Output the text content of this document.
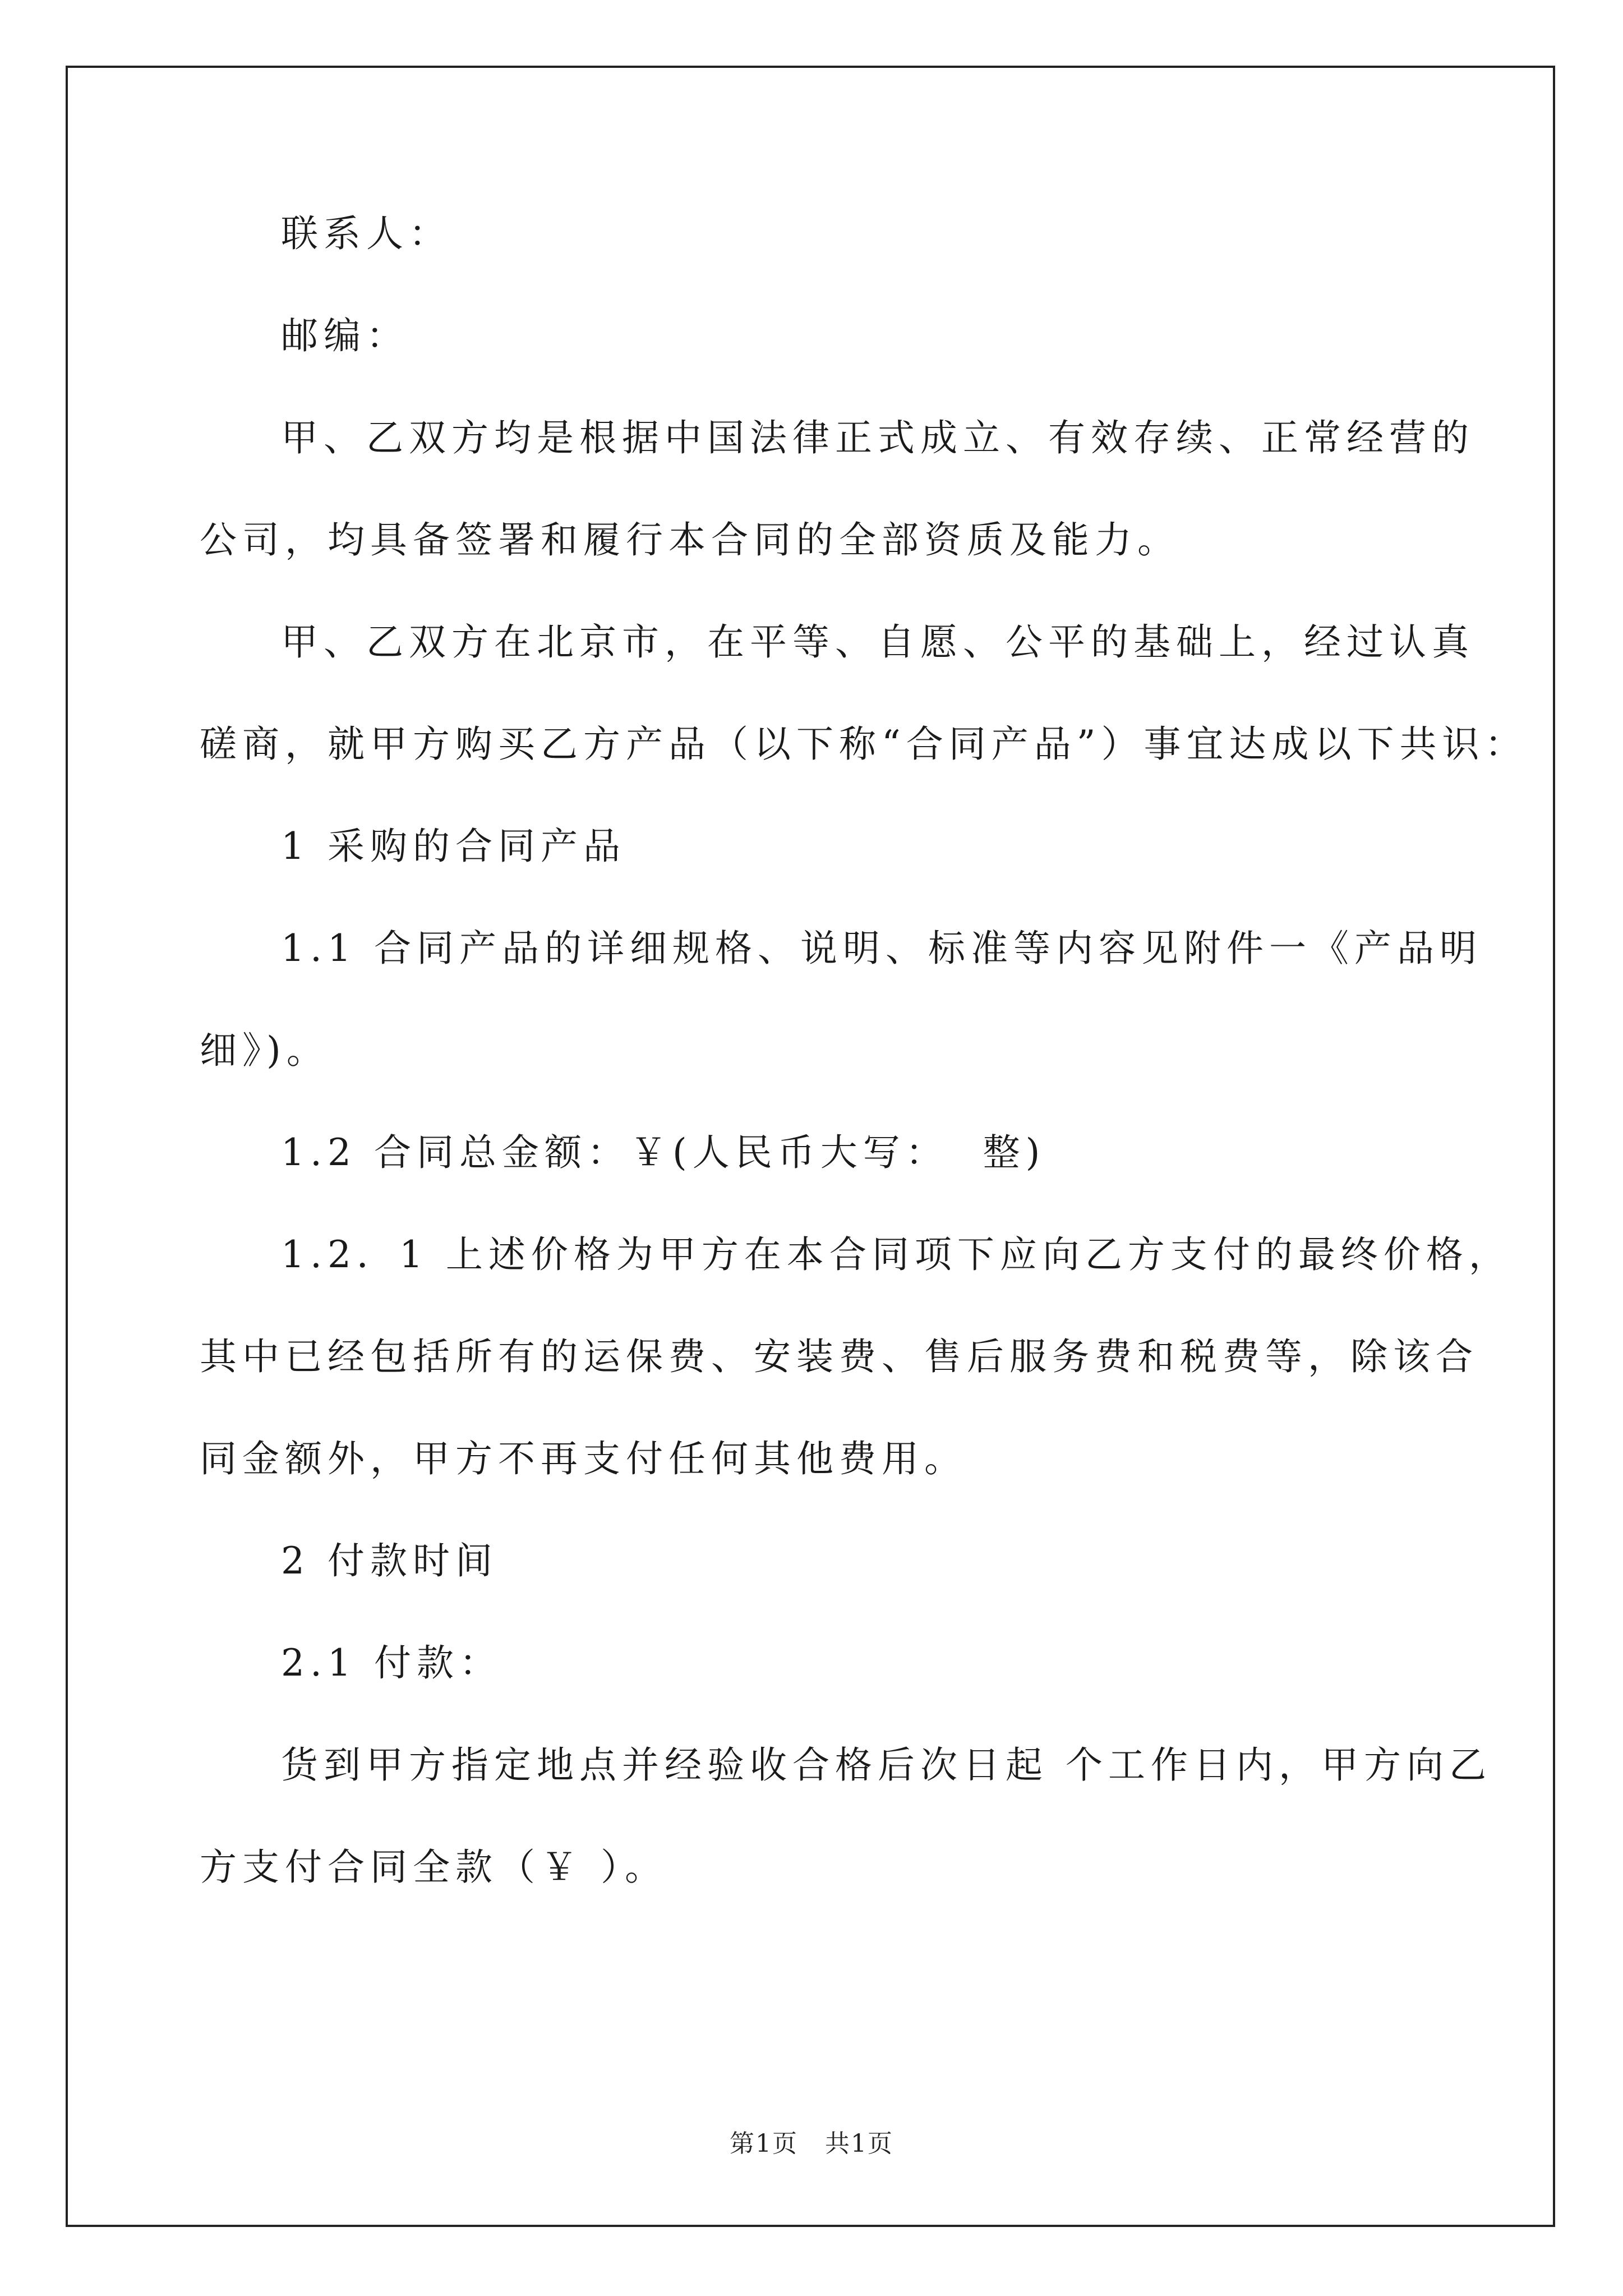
联系人：
邮编：
甲、乙双方均是根据中国法律正式成立、有效存续、正常经营的
公司，均具备签署和履行本合同的全部资质及能力。
甲、乙双方在北京市，在平等、自愿、公平的基础上，经过认真
磋商，就甲方购买乙方产品（以下称“合同产品”）事宜达成以下共识：
1 采购的合同产品
1.1 合同产品的详细规格、说明、标准等内容见附件一《产品明
细》)。
1.2 合同总金额：￥(人民币大写：  整)
1.2．1 上述价格为甲方在本合同项下应向乙方支付的最终价格，
其中已经包括所有的运保费、安装费、售后服务费和税费等，除该合
同金额外，甲方不再支付任何其他费用。
2 付款时间
2.1 付款：
货到甲方指定地点并经验收合格后次日起 个工作日内，甲方向乙
方支付合同全款（￥ ）。
第1页   共1页
